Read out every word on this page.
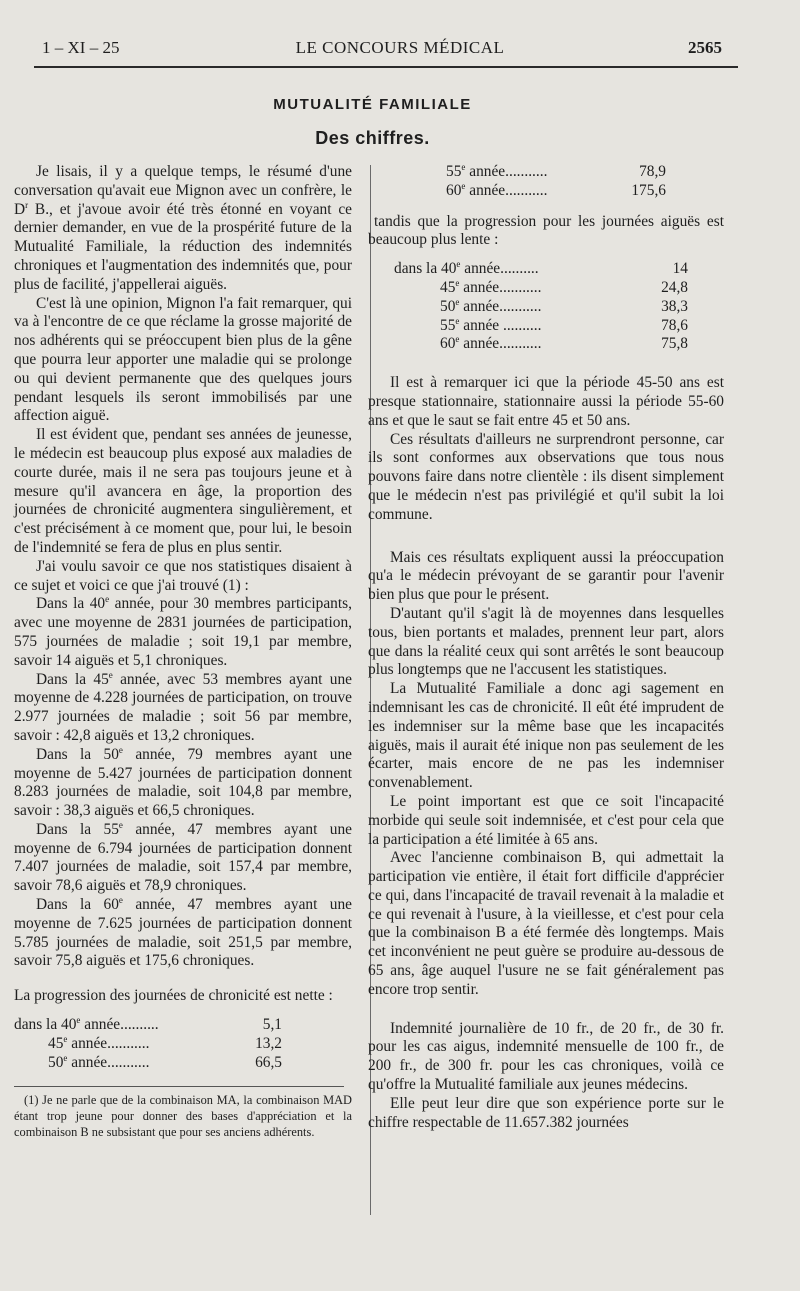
1 – XI – 25	LE CONCOURS MÉDICAL	2565
MUTUALITÉ FAMILIALE
Des chiffres.

Je lisais, il y a quelque temps, le résumé d'une conversation qu'avait eue Mignon avec un confrère, le $D^r$ B., et j'avoue avoir été très étonné en voyant ce dernier demander, en vue de la prospérité future de la Mutualité Familiale, la réduction des indemnités chroniques et l'augmentation des indemnités que, pour plus de facilité, j'appellerai aiguës.

C'est là une opinion, Mignon l'a fait remarquer, qui va à l'encontre de ce que réclame la grosse majorité de nos adhérents qui se préoccupent bien plus de la gêne que pourra leur apporter une maladie qui se prolonge ou qui devient permanente que des quelques jours pendant lesquels ils seront immobilisés par une affection aiguë.

Il est évident que, pendant ses années de jeunesse, le médecin est beaucoup plus exposé aux maladies de courte durée, mais il ne sera pas toujours jeune et à mesure qu'il avancera en âge, la proportion des journées de chronicité augmentera singulièrement, et c'est précisément à ce moment que, pour lui, le besoin de l'indemnité se fera de plus en plus sentir.

J'ai voulu savoir ce que nos statistiques disaient à ce sujet et voici ce que j'ai trouvé (1) :

Dans la 40e année, pour 30 membres participants, avec une moyenne de 2831 journées de participation, 575 journées de maladie ; soit 19,1 par membre, savoir 14 aiguës et 5,1 chroniques.

Dans la 45e année, avec 53 membres ayant une moyenne de 4.228 journées de participation, on trouve 2.977 journées de maladie ; soit 56 par membre, savoir : 42,8 aiguës et 13,2 chroniques.

Dans la 50e année, 79 membres ayant une moyenne de 5.427 journées de participation donnent 8.283 journées de maladie, soit 104,8 par membre, savoir : 38,3 aiguës et 66,5 chroniques.

Dans la 55e année, 47 membres ayant une moyenne de 6.794 journées de participation donnent 7.407 journées de maladie, soit 157,4 par membre, savoir 78,6 aiguës et 78,9 chroniques.

Dans la 60e année, 47 membres ayant une moyenne de 7.625 journées de participation donnent 5.785 journées de maladie, soit 251,5 par membre, savoir 75,8 aiguës et 175,6 chroniques.

La progression des journées de chronicité est nette :

dans la 40e année..........	5,1
45e année...........	13,2
50e année...........	66,5

(1) Je ne parle que de la combinaison MA, la combinaison MAD étant trop jeune pour donner des bases d'appréciation et la combinaison B ne subsistant que pour ses anciens adhérents.

55e année...........	78,9
60e année...........	175,6

tandis que la progression pour les journées aiguës est beaucoup plus lente :

dans la 40e année..........	14
45e année...........	24,8
50e année...........	38,3
55e année ..........	78,6
60e année...........	75,8

Il est à remarquer ici que la période 45-50 ans est presque stationnaire, stationnaire aussi la période 55-60 ans et que le saut se fait entre 45 et 50 ans.

Ces résultats d'ailleurs ne surprendront personne, car ils sont conformes aux observations que tous nous pouvons faire dans notre clientèle : ils disent simplement que le médecin n'est pas privilégié et qu'il subit la loi commune.

Mais ces résultats expliquent aussi la préoccupation qu'a le médecin prévoyant de se garantir pour l'avenir bien plus que pour le présent.

D'autant qu'il s'agit là de moyennes dans lesquelles tous, bien portants et malades, prennent leur part, alors que dans la réalité ceux qui sont arrêtés le sont beaucoup plus longtemps que ne l'accusent les statistiques.

La Mutualité Familiale a donc agi sagement en indemnisant les cas de chronicité. Il eût été imprudent de les indemniser sur la même base que les incapacités aiguës, mais il aurait été inique non pas seulement de les écarter, mais encore de ne pas les indemniser convenablement.

Le point important est que ce soit l'incapacité morbide qui seule soit indemnisée, et c'est pour cela que la participation a été limitée à 65 ans.

Avec l'ancienne combinaison B, qui admettait la participation vie entière, il était fort difficile d'apprécier ce qui, dans l'incapacité de travail revenait à la maladie et ce qui revenait à l'usure, à la vieillesse, et c'est pour cela que la combinaison B a été fermée dès longtemps. Mais cet inconvénient ne peut guère se produire au-dessous de 65 ans, âge auquel l'usure ne se fait généralement pas encore trop sentir.

Indemnité journalière de 10 fr., de 20 fr., de 30 fr. pour les cas aigus, indemnité mensuelle de 100 fr., de 200 fr., de 300 fr. pour les cas chroniques, voilà ce qu'offre la Mutualité familiale aux jeunes médecins.

Elle peut leur dire que son expérience porte sur le chiffre respectable de 11.657.382 journées
